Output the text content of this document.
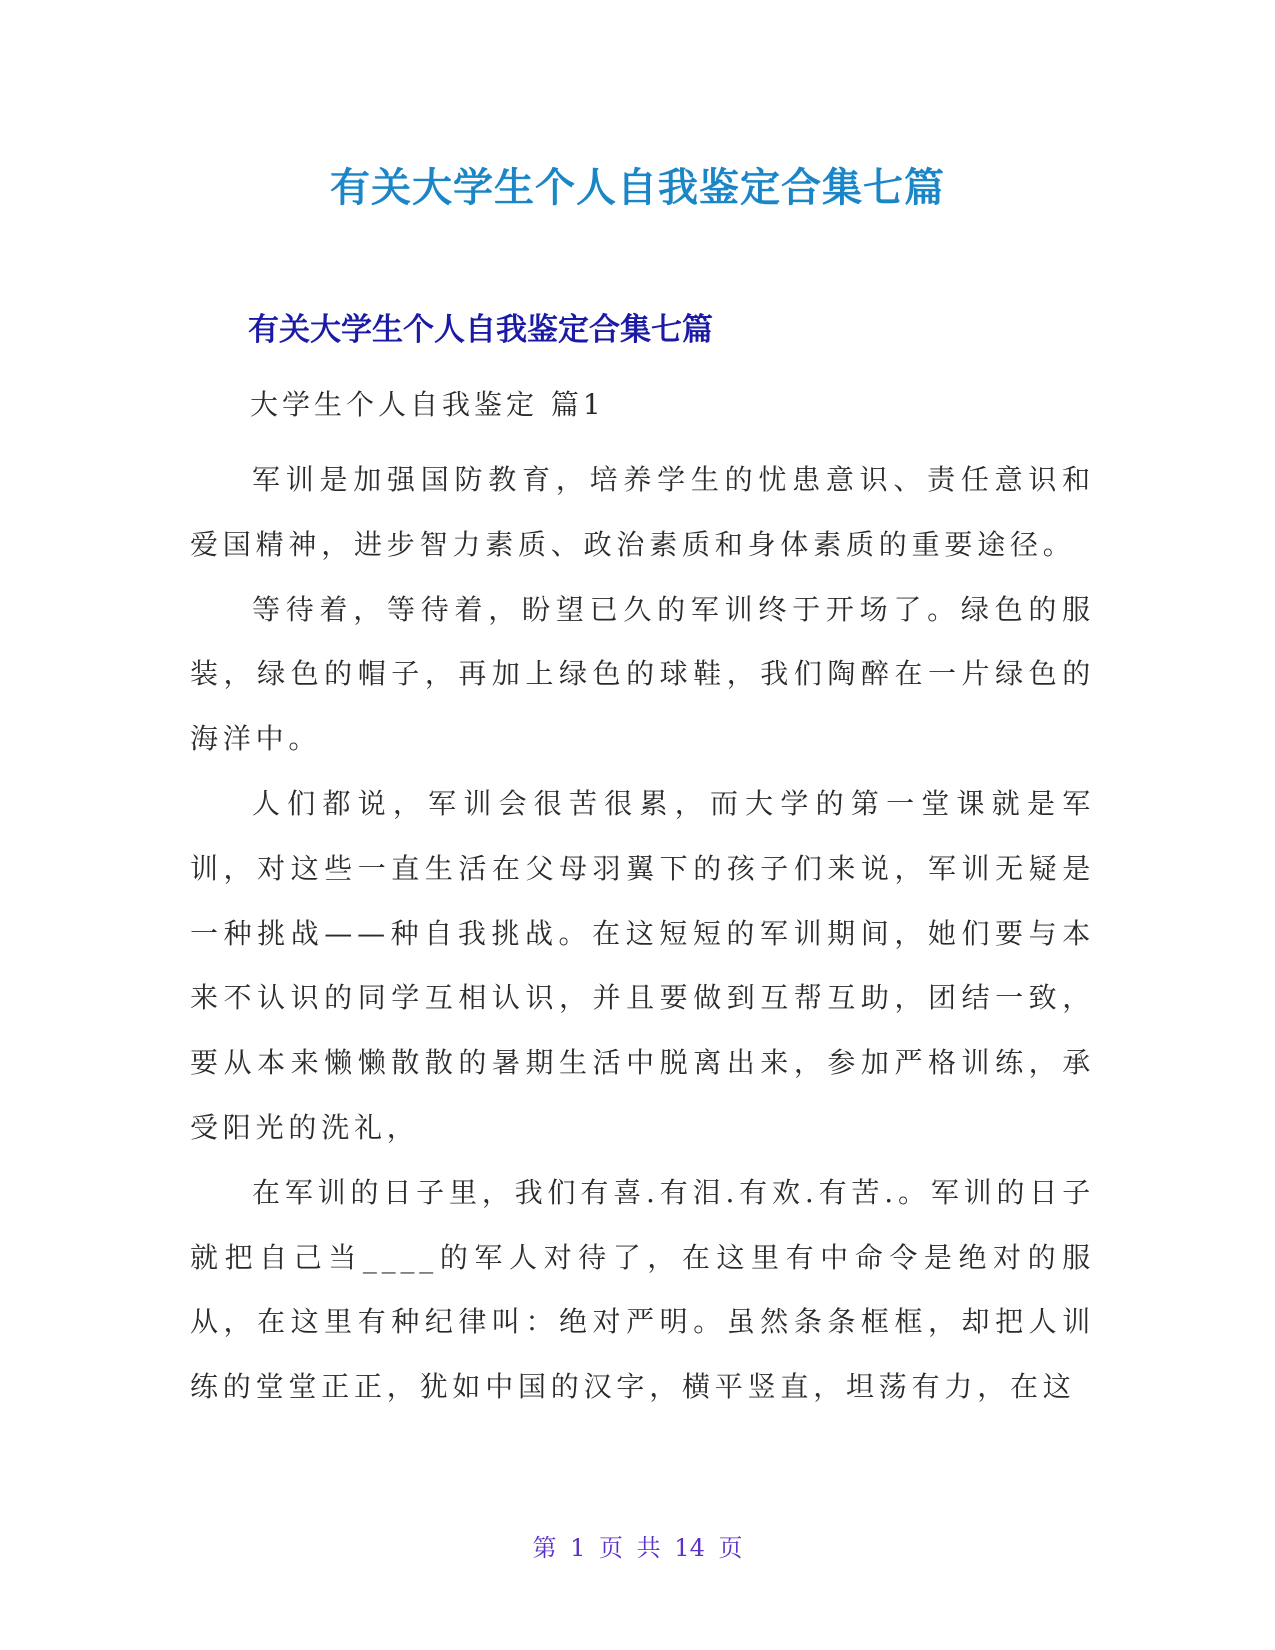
有关大学生个人自我鉴定合集七篇
有关大学生个人自我鉴定合集七篇
大学生个人自我鉴定 篇1

军训是加强国防教育，培养学生的忧患意识、责任意识和爱国精神，进步智力素质、政治素质和身体素质的重要途径。

等待着，等待着，盼望已久的军训终于开场了。绿色的服装，绿色的帽子，再加上绿色的球鞋，我们陶醉在一片绿色的海洋中。

人们都说，军训会很苦很累，而大学的第一堂课就是军训，对这些一直生活在父母羽翼下的孩子们来说，军训无疑是一种挑战——种自我挑战。在这短短的军训期间，她们要与本来不认识的同学互相认识，并且要做到互帮互助，团结一致，要从本来懒懒散散的暑期生活中脱离出来，参加严格训练，承受阳光的洗礼，

在军训的日子里，我们有喜.有泪.有欢.有苦.。军训的日子就把自己当____的军人对待了，在这里有中命令是绝对的服从，在这里有种纪律叫：绝对严明。虽然条条框框，却把人训练的堂堂正正，犹如中国的汉字，横平竖直，坦荡有力，在这

第 1 页 共 14 页
